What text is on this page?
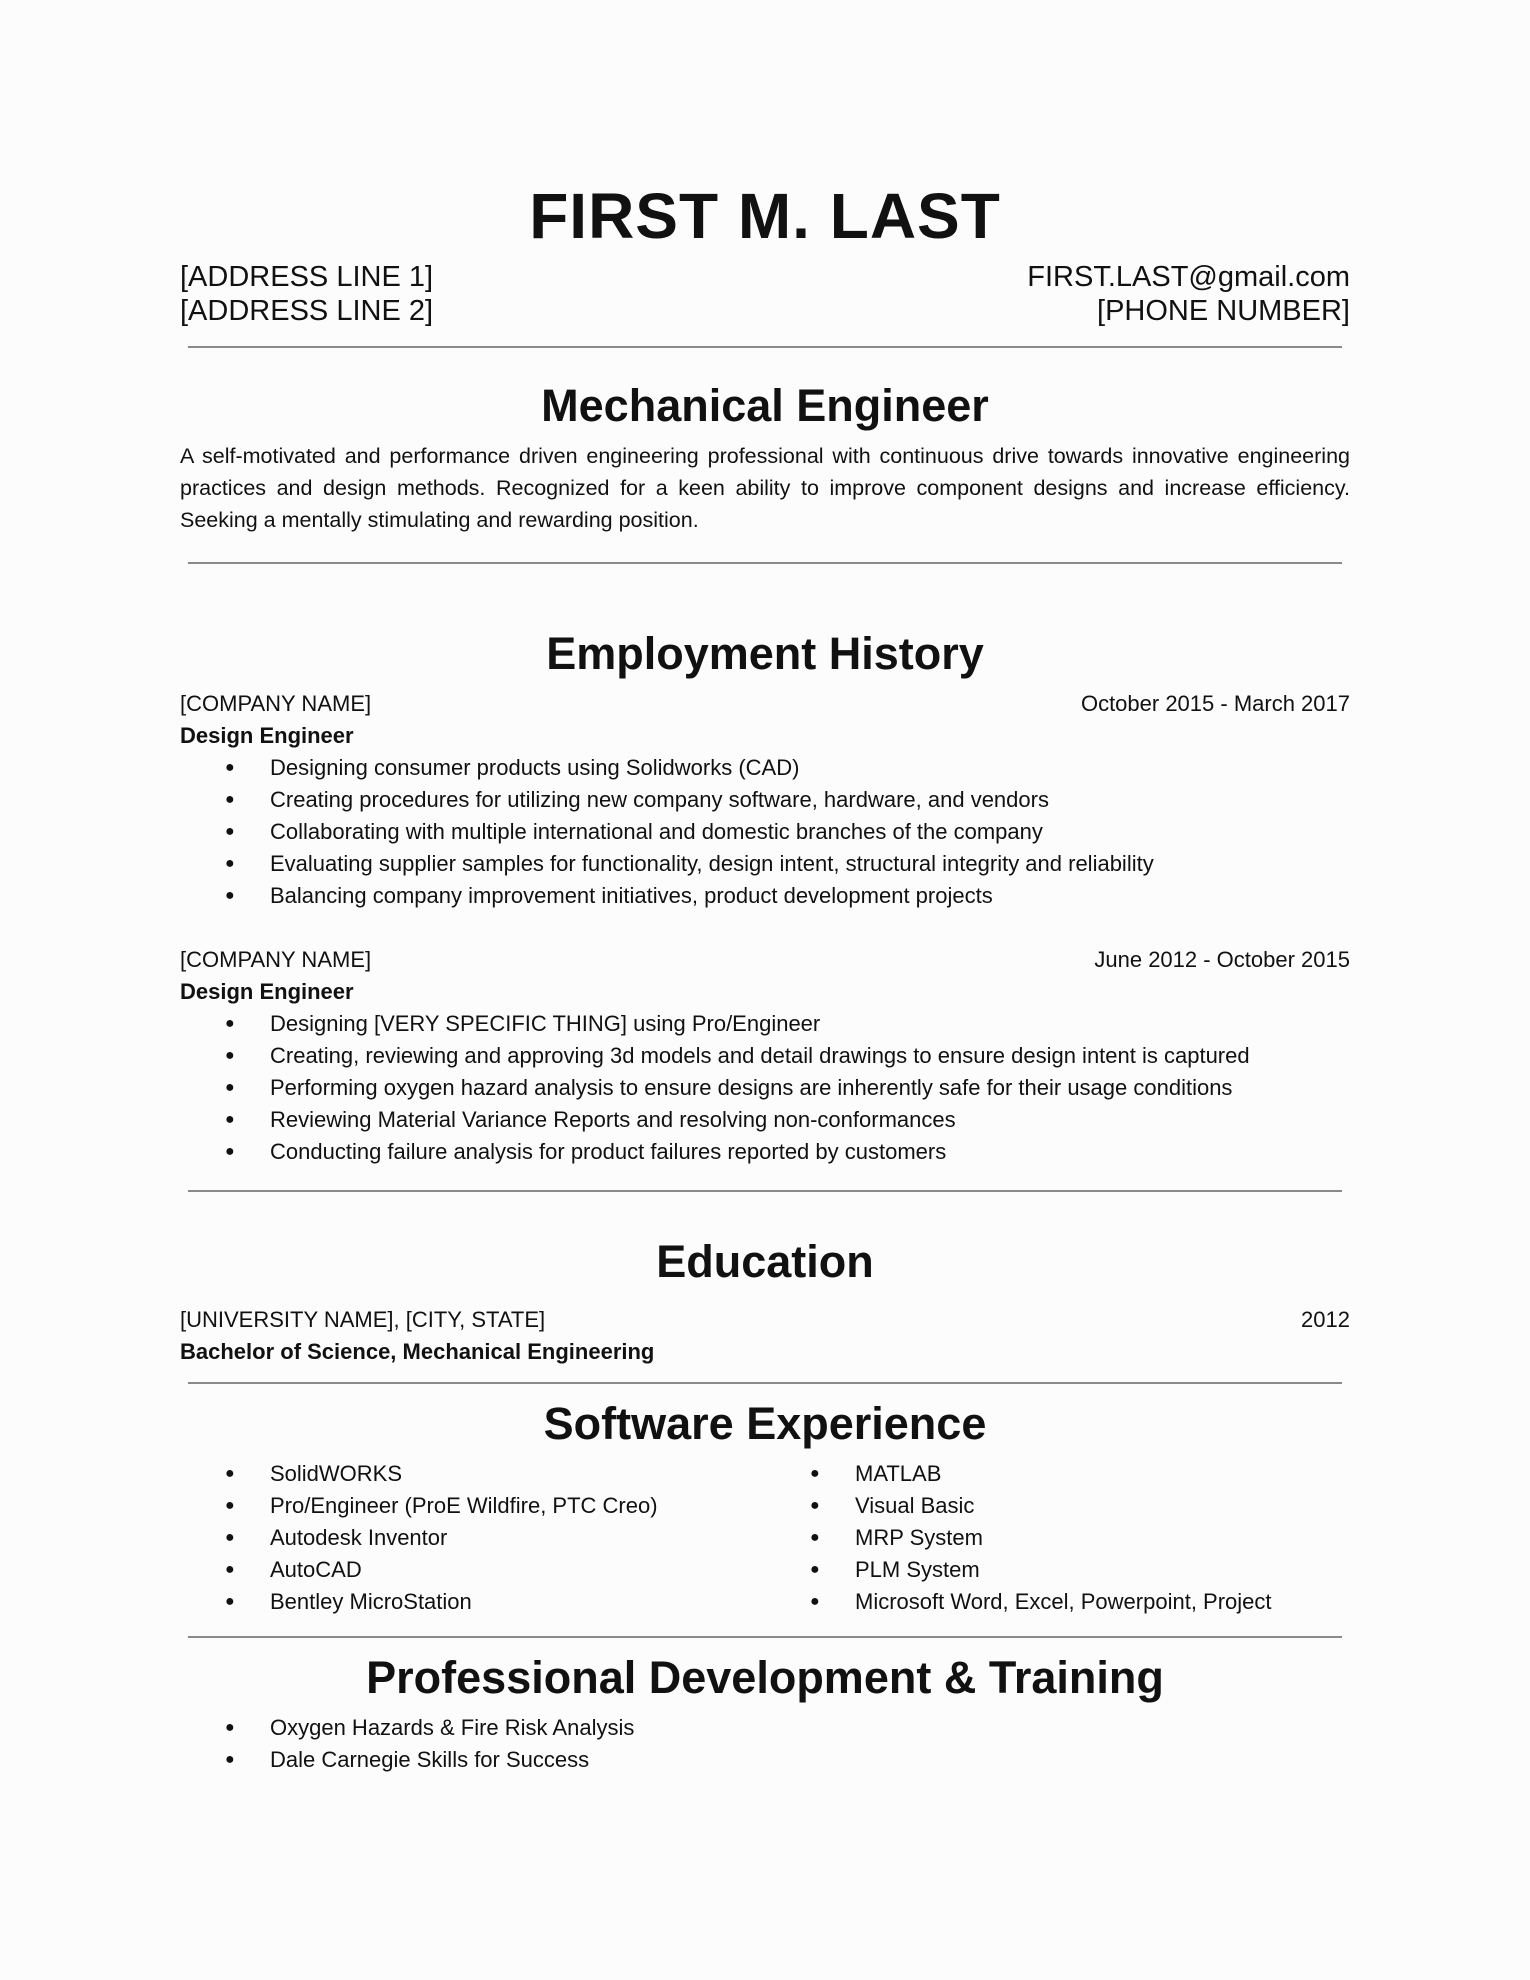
FIRST M. LAST
[ADDRESS LINE 1]
[ADDRESS LINE 2]
FIRST.LAST@gmail.com
[PHONE NUMBER]
Mechanical Engineer

A self-motivated and performance driven engineering professional with continuous drive towards innovative engineering practices and design methods. Recognized for a keen ability to improve component designs and increase efficiency. Seeking a mentally stimulating and rewarding position.

Employment History
[COMPANY NAME]	October 2015 - March 2017
Design Engineer
● Designing consumer products using Solidworks (CAD)
● Creating procedures for utilizing new company software, hardware, and vendors
● Collaborating with multiple international and domestic branches of the company
● Evaluating supplier samples for functionality, design intent, structural integrity and reliability
● Balancing company improvement initiatives, product development projects
[COMPANY NAME]	June 2012 - October 2015
Design Engineer
● Designing [VERY SPECIFIC THING] using Pro/Engineer
● Creating, reviewing and approving 3d models and detail drawings to ensure design intent is captured
● Performing oxygen hazard analysis to ensure designs are inherently safe for their usage conditions
● Reviewing Material Variance Reports and resolving non-conformances
● Conducting failure analysis for product failures reported by customers
Education
[UNIVERSITY NAME], [CITY, STATE]	2012
Bachelor of Science, Mechanical Engineering
Software Experience
● SolidWORKS
● Pro/Engineer (ProE Wildfire, PTC Creo)
● Autodesk Inventor
● AutoCAD
● Bentley MicroStation
● MATLAB
● Visual Basic
● MRP System
● PLM System
● Microsoft Word, Excel, Powerpoint, Project
Professional Development & Training
● Oxygen Hazards & Fire Risk Analysis
● Dale Carnegie Skills for Success
